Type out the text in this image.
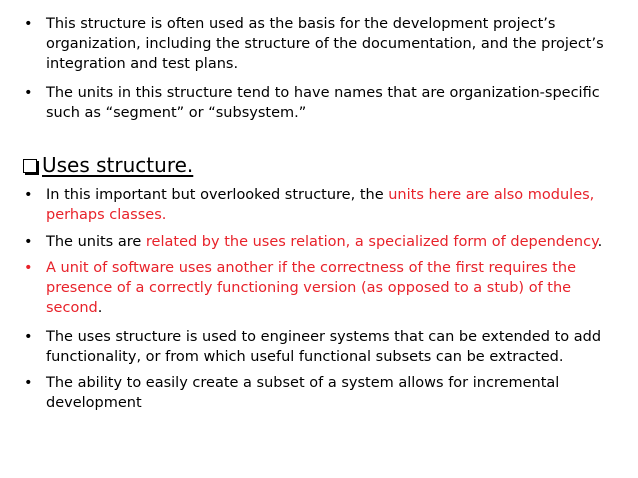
• This structure is often used as the basis for the development project’s organization, including the structure of the documentation, and the project’s integration and test plans.
• The units in this structure tend to have names that are organization-specific such as “segment” or “subsystem.”
Uses structure.
• In this important but overlooked structure, the units here are also modules, perhaps classes.
• The units are related by the uses relation, a specialized form of dependency.
• A unit of software uses another if the correctness of the first requires the presence of a correctly functioning version (as opposed to a stub) of the second.
• The uses structure is used to engineer systems that can be extended to add functionality, or from which useful functional subsets can be extracted.
• The ability to easily create a subset of a system allows for incremental development
